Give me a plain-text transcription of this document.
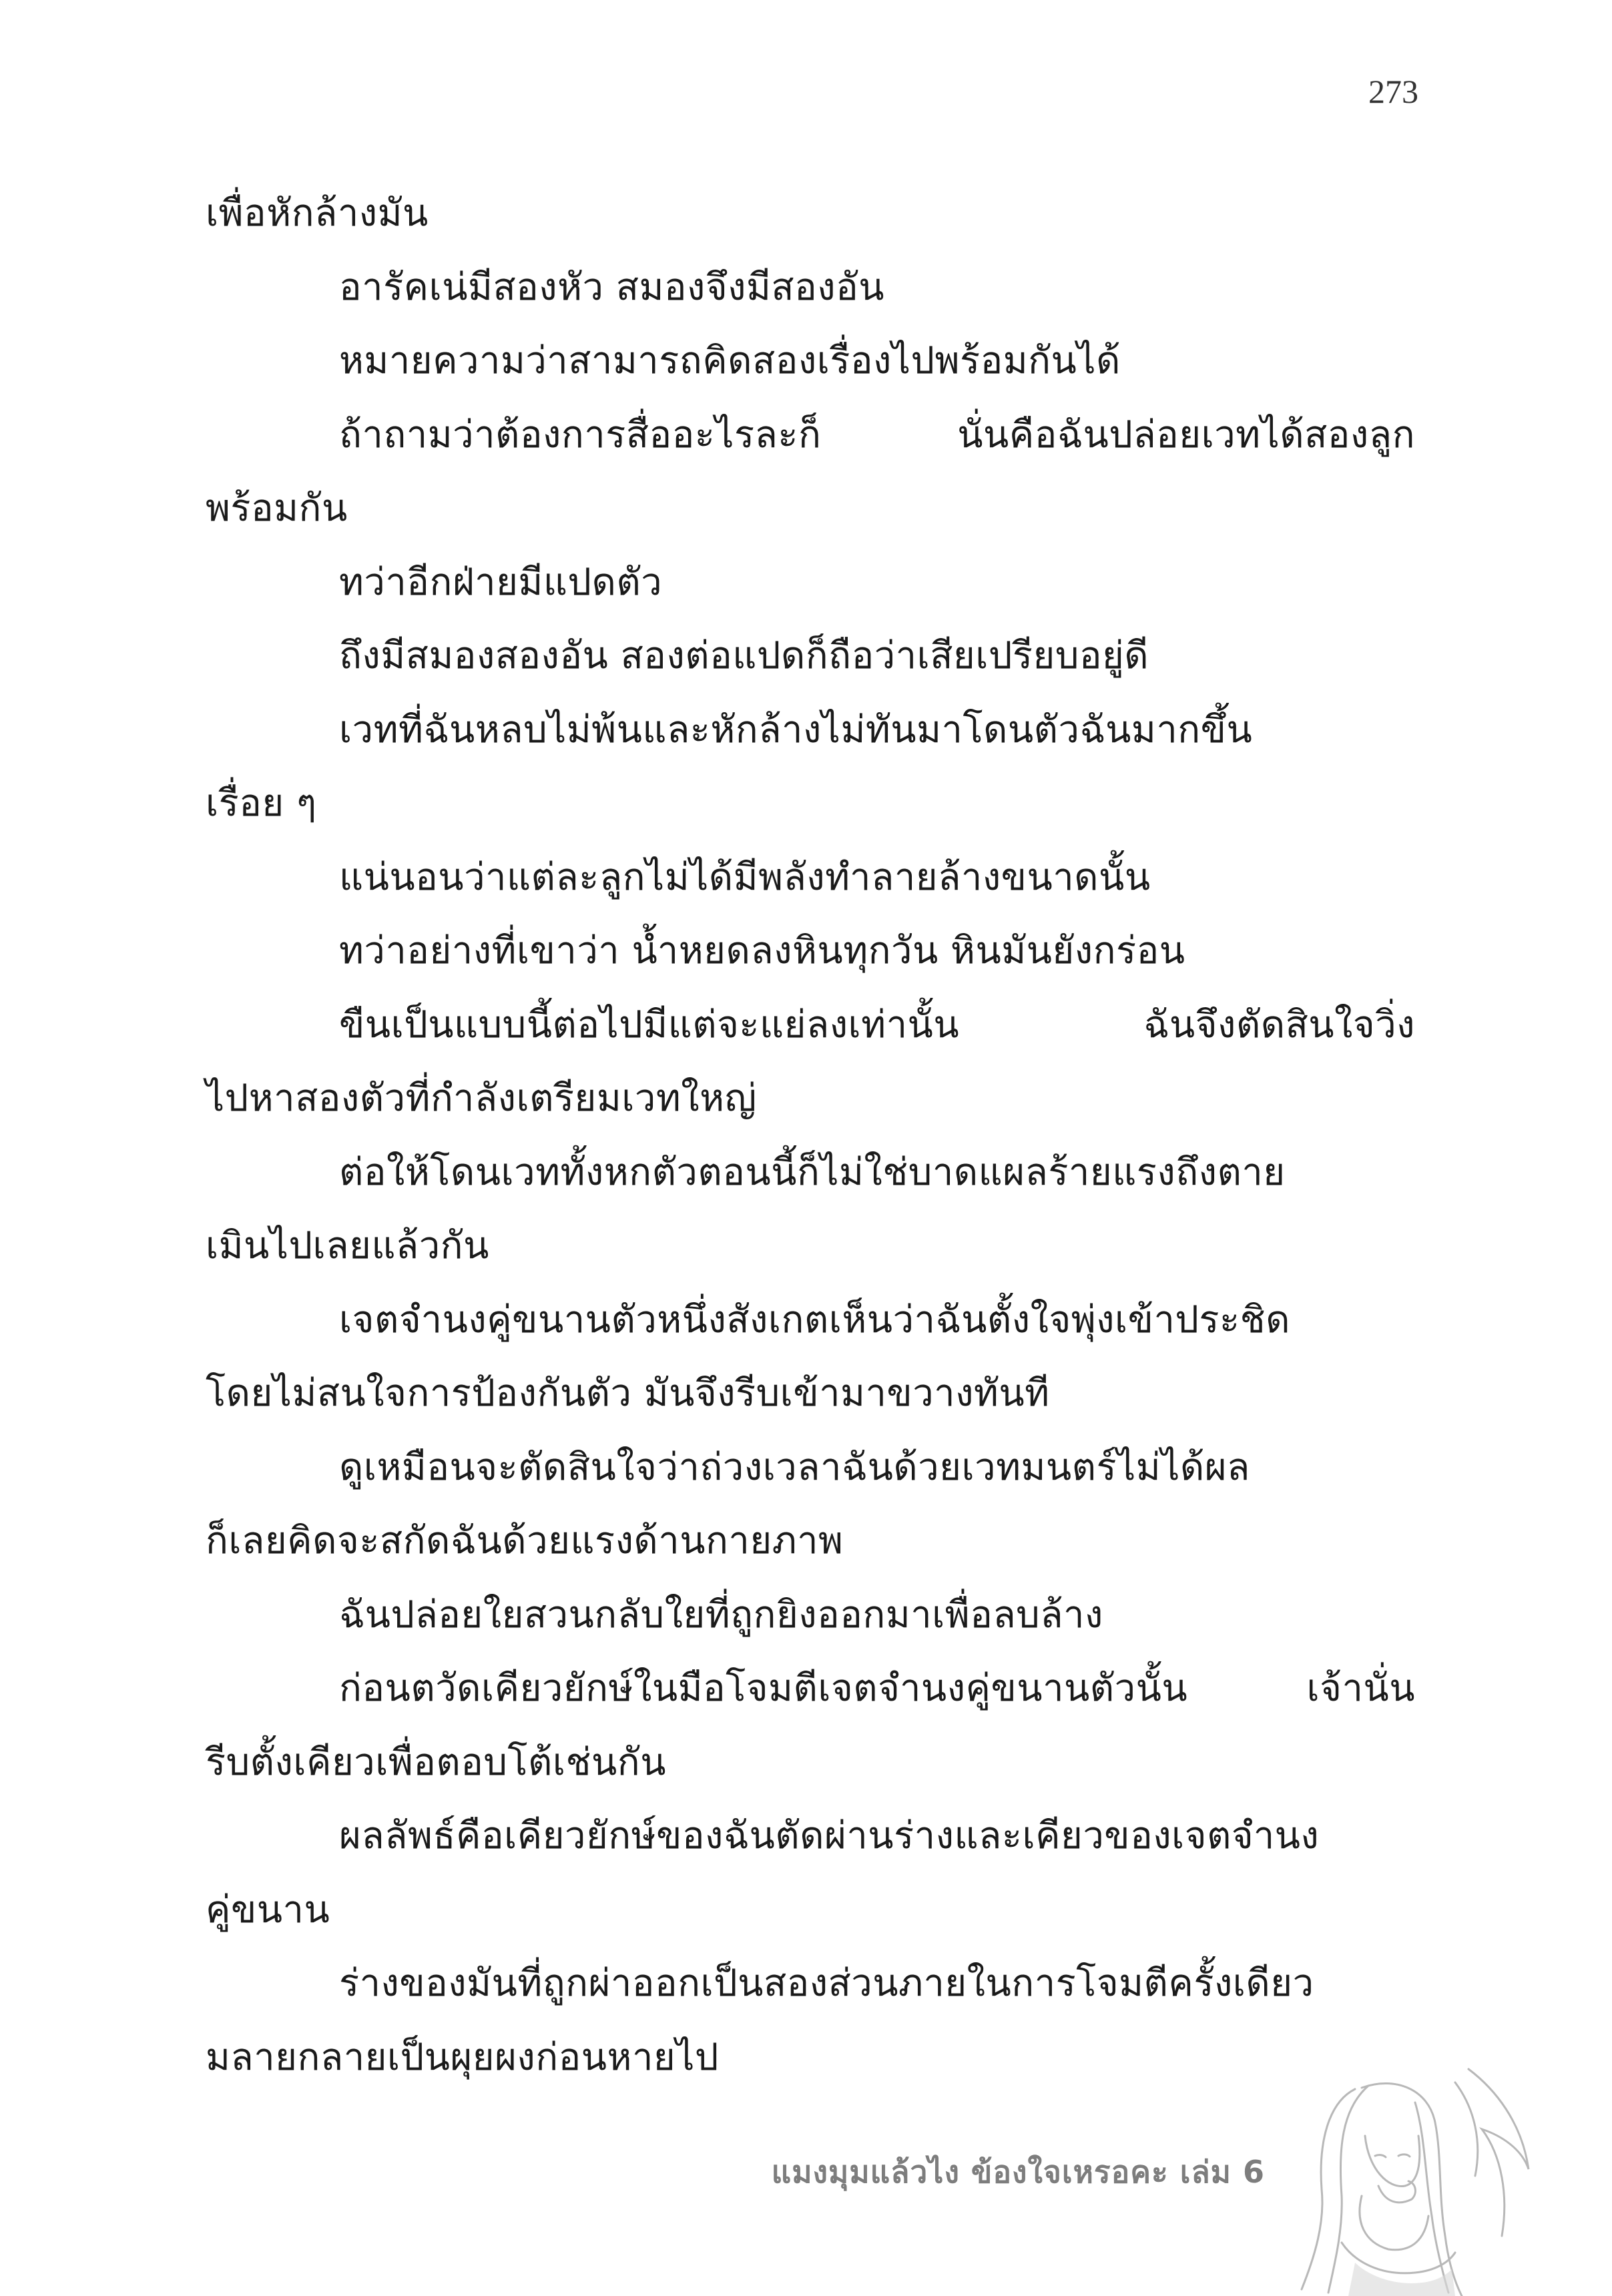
273
เพื่อหักล้างมัน
อารัคเน่มีสองหัว สมองจึงมีสองอัน
หมายความว่าสามารถคิดสองเรื่องไปพร้อมกันได้
ถ้าถามว่าต้องการสื่ออะไรละก็ นั่นคือฉันปล่อยเวทได้สองลูก
พร้อมกัน
ทว่าอีกฝ่ายมีแปดตัว
ถึงมีสมองสองอัน สองต่อแปดก็ถือว่าเสียเปรียบอยู่ดี
เวทที่ฉันหลบไม่พ้นและหักล้างไม่ทันมาโดนตัวฉันมากขึ้น
เรื่อย ๆ
แน่นอนว่าแต่ละลูกไม่ได้มีพลังทำลายล้างขนาดนั้น
ทว่าอย่างที่เขาว่า น้ำหยดลงหินทุกวัน หินมันยังกร่อน
ขืนเป็นแบบนี้ต่อไปมีแต่จะแย่ลงเท่านั้น ฉันจึงตัดสินใจวิ่ง
ไปหาสองตัวที่กำลังเตรียมเวทใหญ่
ต่อให้โดนเวททั้งหกตัวตอนนี้ก็ไม่ใช่บาดแผลร้ายแรงถึงตาย
เมินไปเลยแล้วกัน
เจตจำนงคู่ขนานตัวหนึ่งสังเกตเห็นว่าฉันตั้งใจพุ่งเข้าประชิด
โดยไม่สนใจการป้องกันตัว มันจึงรีบเข้ามาขวางทันที
ดูเหมือนจะตัดสินใจว่าถ่วงเวลาฉันด้วยเวทมนตร์ไม่ได้ผล
ก็เลยคิดจะสกัดฉันด้วยแรงด้านกายภาพ
ฉันปล่อยใยสวนกลับใยที่ถูกยิงออกมาเพื่อลบล้าง
ก่อนตวัดเคียวยักษ์ในมือโจมตีเจตจำนงคู่ขนานตัวนั้น เจ้านั่น
รีบตั้งเคียวเพื่อตอบโต้เช่นกัน
ผลลัพธ์คือเคียวยักษ์ของฉันตัดผ่านร่างและเคียวของเจตจำนง
คู่ขนาน
ร่างของมันที่ถูกผ่าออกเป็นสองส่วนภายในการโจมตีครั้งเดียว
มลายกลายเป็นผุยผงก่อนหายไป
แมงมุมแล้วไง ข้องใจเหรอคะ เล่ม 6
